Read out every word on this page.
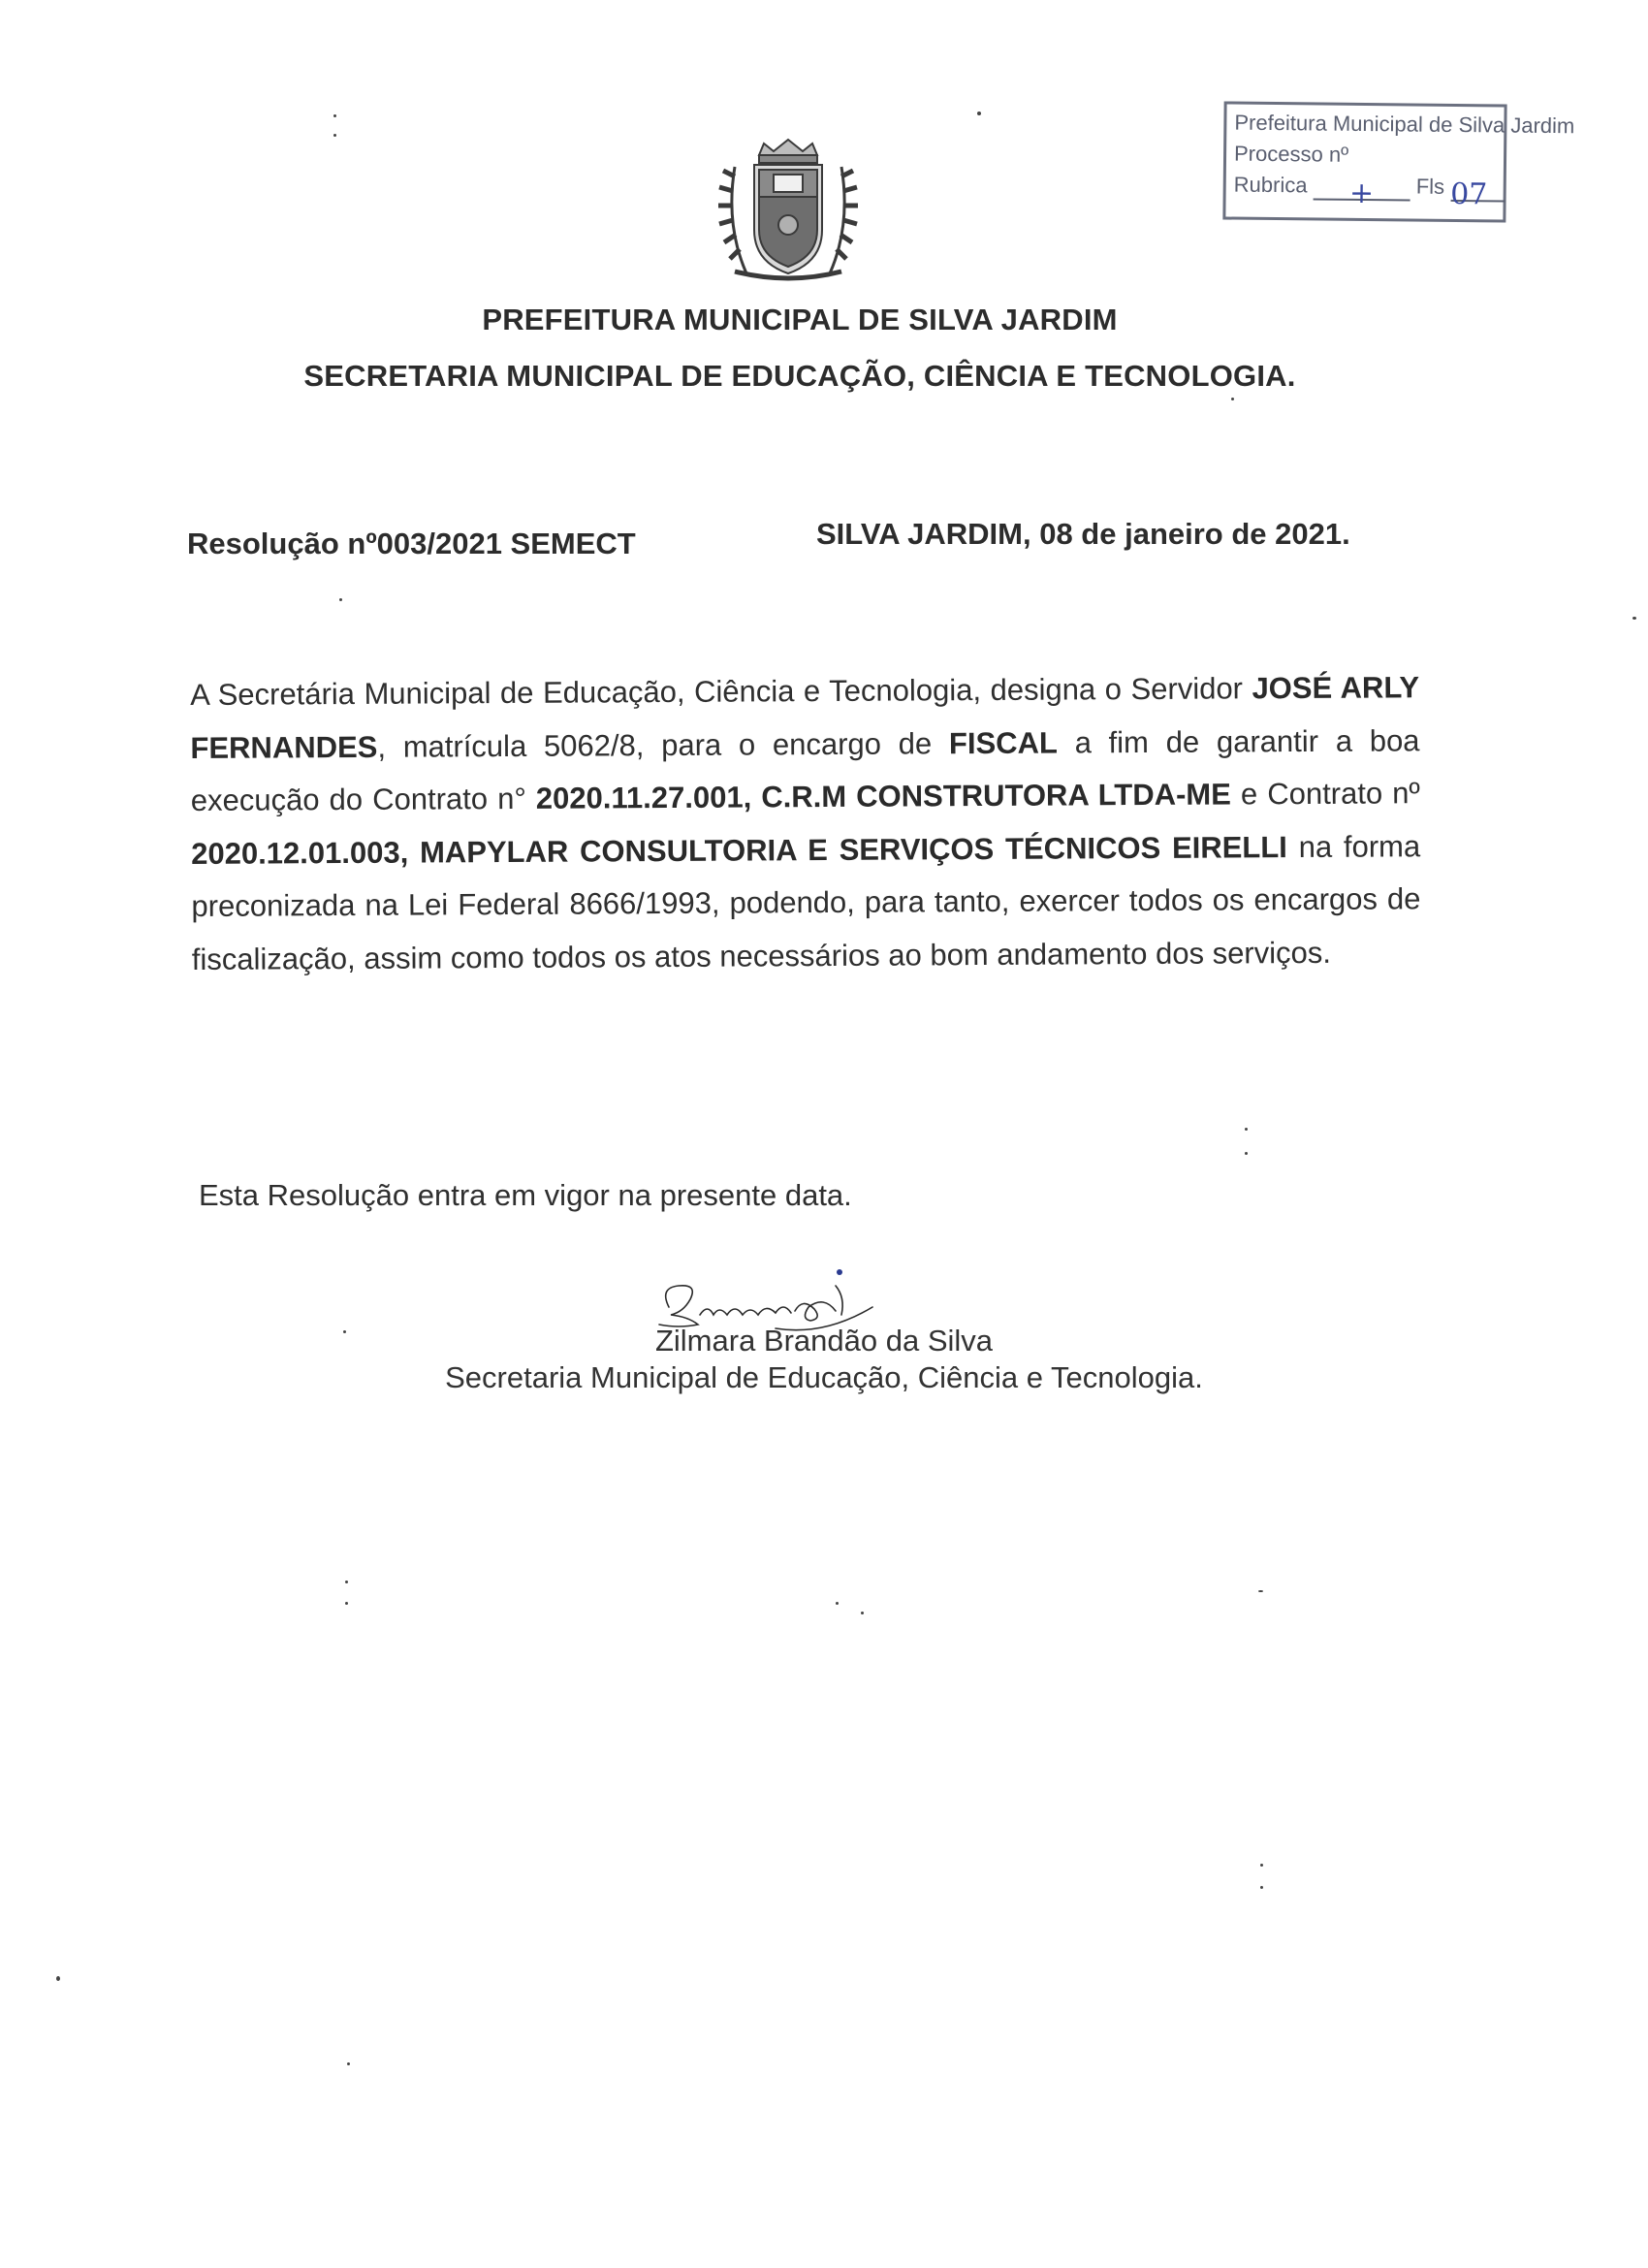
Prefeitura Municipal de Silva Jardim
Processo nº
Rubrica + Fls 07
PREFEITURA MUNICIPAL DE SILVA JARDIM
SECRETARIA MUNICIPAL DE EDUCAÇÃO, CIÊNCIA E TECNOLOGIA.
Resolução nº003/2021 SEMECT	SILVA JARDIM, 08 de janeiro de 2021.
A Secretária Municipal de Educação, Ciência e Tecnologia, designa o Servidor JOSÉ ARLY FERNANDES, matrícula 5062/8, para o encargo de FISCAL a fim de garantir a boa execução do Contrato n° 2020.11.27.001, C.R.M CONSTRUTORA LTDA-ME e Contrato nº 2020.12.01.003, MAPYLAR CONSULTORIA E SERVIÇOS TÉCNICOS EIRELLI na forma preconizada na Lei Federal 8666/1993, podendo, para tanto, exercer todos os encargos de fiscalização, assim como todos os atos necessários ao bom andamento dos serviços.
Esta Resolução entra em vigor na presente data.
Zilmara Brandão da Silva
Secretaria Municipal de Educação, Ciência e Tecnologia.
